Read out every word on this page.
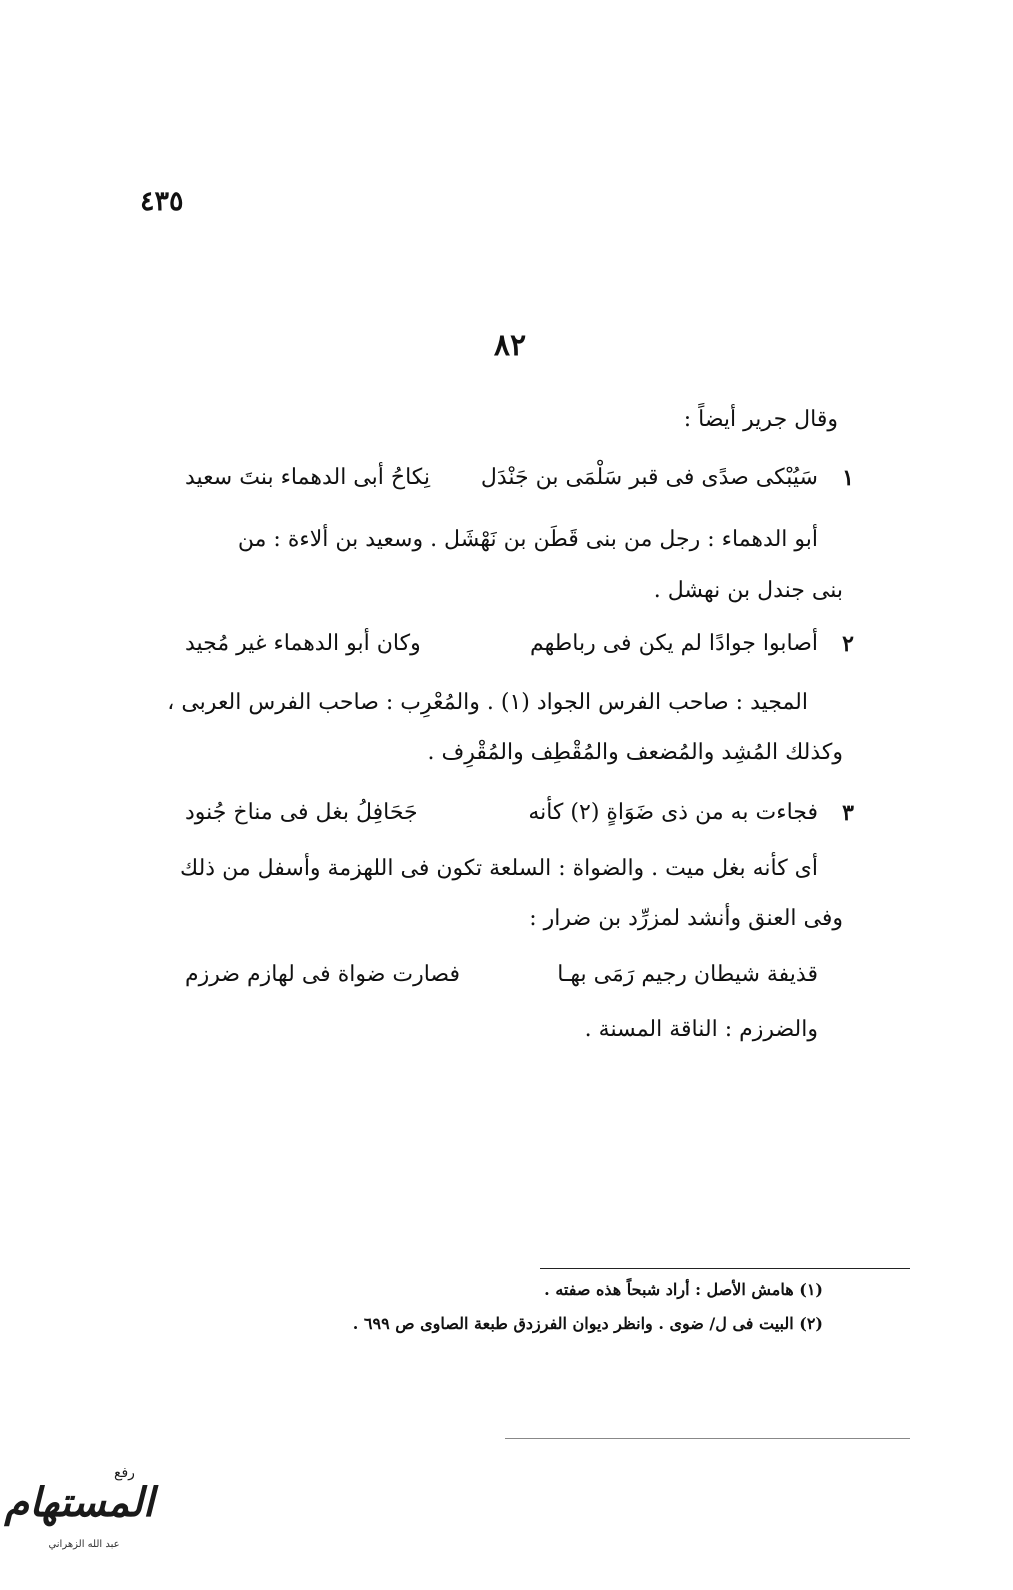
٤٣٥
٨٢
وقال جرير أيضاً :
١
سَيُبْكى صدًى فى قبر سَلْمَى بن جَنْدَل
نِكاحُ أبى الدهماء بنتَ سعيد
أبو الدهماء : رجل من بنى قَطَن بن نَهْشَل . وسعيد بن ألاءة : من
بنى جندل بن نهشل .
٢
أصابوا جوادًا لم يكن فى رباطهم
وكان أبو الدهماء غير مُجيد
المجيد : صاحب الفرس الجواد (١) . والمُعْرِب : صاحب الفرس العربى ،
وكذلك المُشِد والمُضعف والمُقْطِف والمُقْرِف .
٣
فجاءت به من ذى ضَوَاةٍ (٢) كأنه
جَحَافِلُ بغل فى مناخ جُنود
أى كأنه بغل ميت . والضواة : السلعة تكون فى اللهزمة وأسفل من ذلك
وفى العنق وأنشد لمزرِّد بن ضرار :
قذيفة شيطان رجيم رَمَى بهـا
فصارت ضواة فى لهازم ضرزم
والضرزم : الناقة المسنة .
(١) هامش الأصل : أراد شبحاً هذه صفته .
(٢) البيت فى ل/ ضوى . وانظر ديوان الفرزدق طبعة الصاوى ص ٦٩٩ .
رفع
المستهام
عبد الله الزهراني
